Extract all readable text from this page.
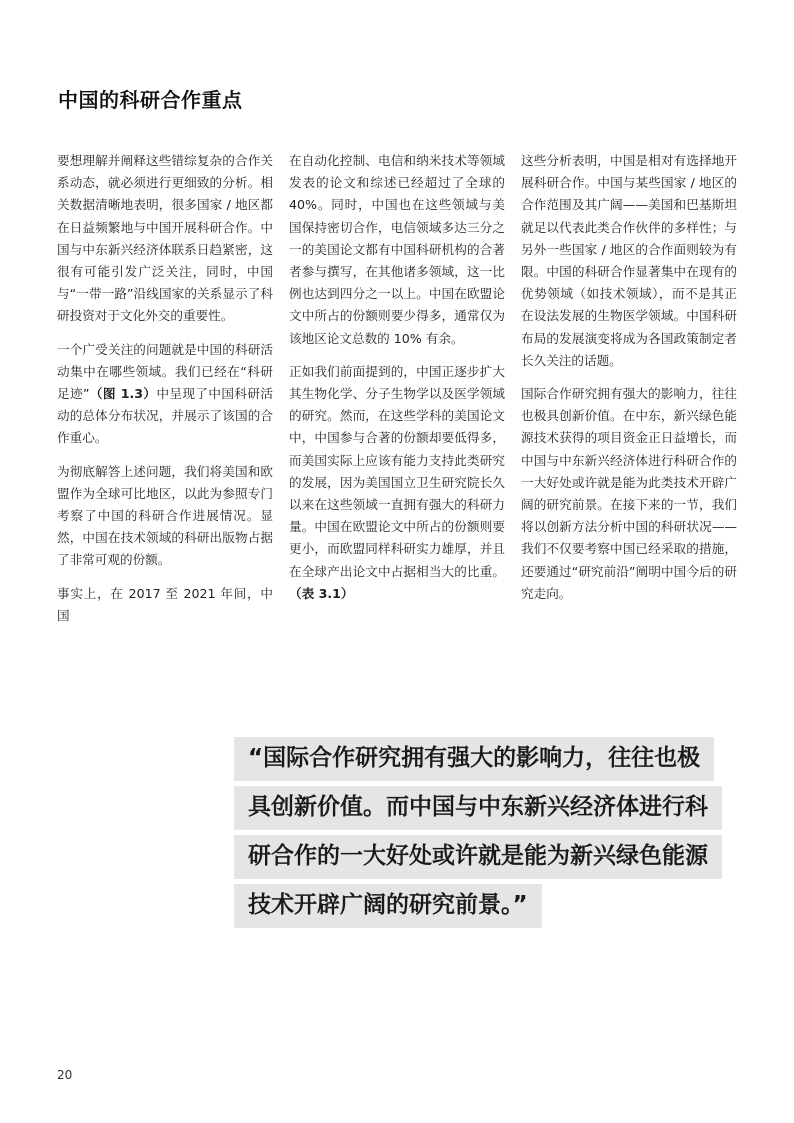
中国的科研合作重点

要想理解并阐释这些错综复杂的合作关系动态，就必须进行更细致的分析。相关数据清晰地表明，很多国家 / 地区都在日益频繁地与中国开展科研合作。中国与中东新兴经济体联系日趋紧密，这很有可能引发广泛关注，同时，中国与“一带一路”沿线国家的关系显示了科研投资对于文化外交的重要性。

一个广受关注的问题就是中国的科研活动集中在哪些领域。我们已经在“科研足迹”（图 1.3）中呈现了中国科研活动的总体分布状况，并展示了该国的合作重心。

为彻底解答上述问题，我们将美国和欧盟作为全球可比地区，以此为参照专门考察了中国的科研合作进展情况。显然，中国在技术领域的科研出版物占据了非常可观的份额。

事实上，在 2017 至 2021 年间，中国

在自动化控制、电信和纳米技术等领域发表的论文和综述已经超过了全球的 40%。同时，中国也在这些领域与美国保持密切合作，电信领域多达三分之一的美国论文都有中国科研机构的合著者参与撰写，在其他诸多领域，这一比例也达到四分之一以上。中国在欧盟论文中所占的份额则要少得多，通常仅为该地区论文总数的 10% 有余。

正如我们前面提到的，中国正逐步扩大其生物化学、分子生物学以及医学领域的研究。然而，在这些学科的美国论文中，中国参与合著的份额却要低得多，而美国实际上应该有能力支持此类研究的发展，因为美国国立卫生研究院长久以来在这些领域一直拥有强大的科研力量。中国在欧盟论文中所占的份额则要更小，而欧盟同样科研实力雄厚，并且在全球产出论文中占据相当大的比重。（表 3.1）

这些分析表明，中国是相对有选择地开展科研合作。中国与某些国家 / 地区的合作范围及其广阔——美国和巴基斯坦就足以代表此类合作伙伴的多样性；与另外一些国家 / 地区的合作面则较为有限。中国的科研合作显著集中在现有的优势领域（如技术领域），而不是其正在设法发展的生物医学领域。中国科研布局的发展演变将成为各国政策制定者长久关注的话题。

国际合作研究拥有强大的影响力，往往也极具创新价值。在中东，新兴绿色能源技术获得的项目资金正日益增长，而中国与中东新兴经济体进行科研合作的一大好处或许就是能为此类技术开辟广阔的研究前景。在接下来的一节，我们将以创新方法分析中国的科研状况——我们不仅要考察中国已经采取的措施，还要通过“研究前沿”阐明中国今后的研究走向。

“国际合作研究拥有强大的影响力，往往也极
具创新价值。而中国与中东新兴经济体进行科
研合作的一大好处或许就是能为新兴绿色能源
技术开辟广阔的研究前景。”
20
